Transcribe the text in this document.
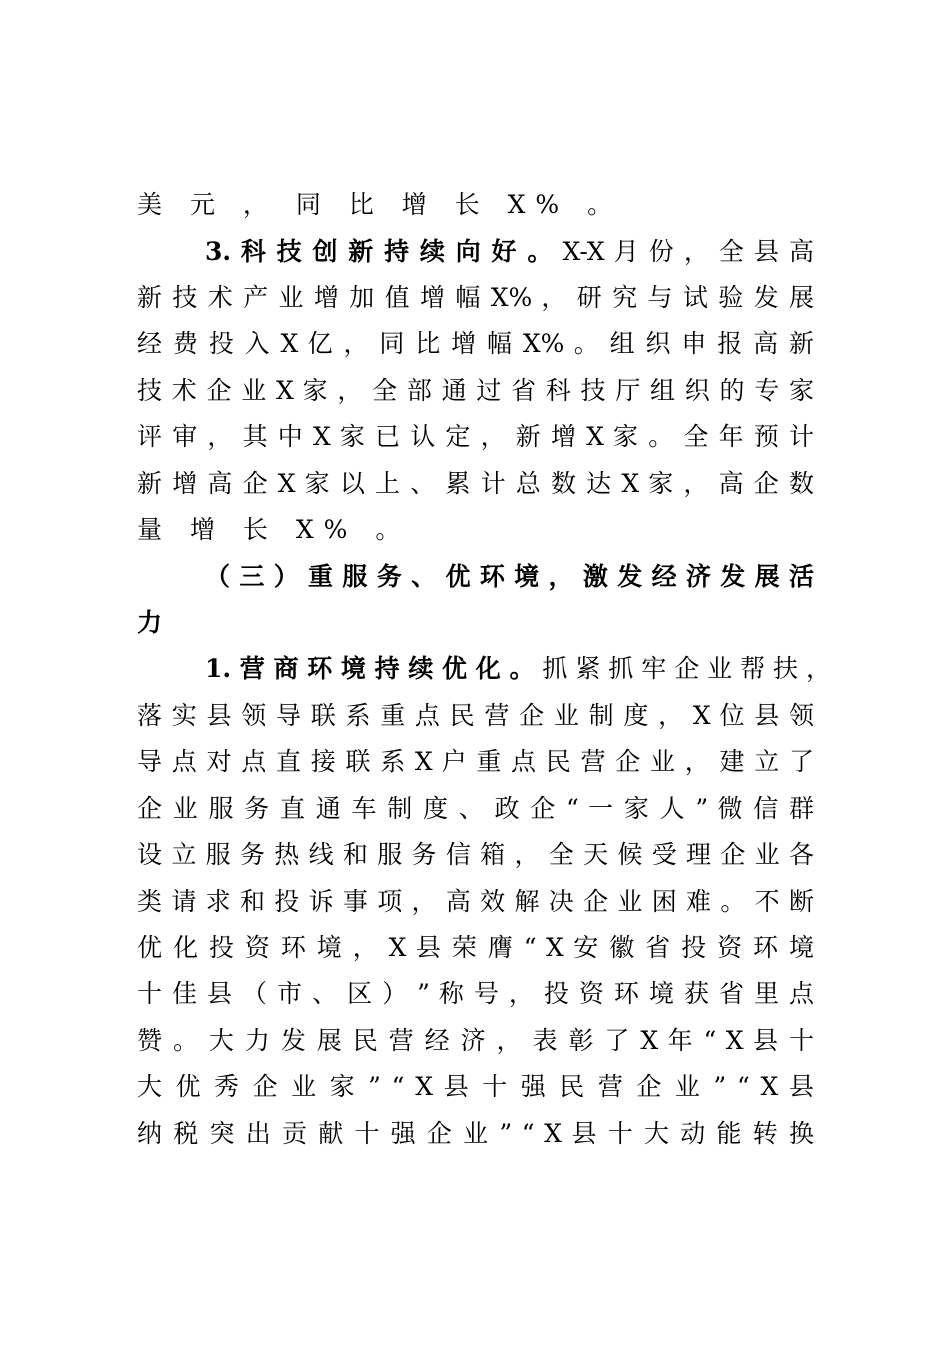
美 元 ， 同 比 增 长 X% 。
3. 科 技 创 新 持 续 向 好 。 X-X 月 份 ， 全 县 高
新 技 术 产 业 增 加 值 增 幅 X% ， 研 究 与 试 验 发 展
经 费 投 入 X 亿 ， 同 比 增 幅 X% 。 组 织 申 报 高 新
技 术 企 业 X 家 ， 全 部 通 过 省 科 技 厅 组 织 的 专 家
评 审 ， 其 中 X 家 已 认 定 ， 新 增 X 家 。 全 年 预 计
新 增 高 企 X 家 以 上 、 累 计 总 数 达 X 家 ， 高 企 数
量 增 长 X% 。
（ 三 ） 重 服 务 、 优 环 境 ， 激 发 经 济 发 展 活
力
1. 营 商 环 境 持 续 优 化 。 抓 紧 抓 牢 企 业 帮 扶 ，
落 实 县 领 导 联 系 重 点 民 营 企 业 制 度 ， X 位 县 领
导 点 对 点 直 接 联 系 X 户 重 点 民 营 企 业 ， 建 立 了
企 业 服 务 直 通 车 制 度 、 政 企 “ 一 家 人 ” 微 信 群
设 立 服 务 热 线 和 服 务 信 箱 ， 全 天 候 受 理 企 业 各
类 请 求 和 投 诉 事 项 ， 高 效 解 决 企 业 困 难 。 不 断
优 化 投 资 环 境 ， X 县 荣 膺 “ X 安 徽 省 投 资 环 境
十 佳 县 （ 市 、 区 ） ” 称 号 ， 投 资 环 境 获 省 里 点
赞 。 大 力 发 展 民 营 经 济 ， 表 彰 了 X 年 “ X 县 十
大 优 秀 企 业 家 ” “ X 县 十 强 民 营 企 业 ” “ X 县
纳 税 突 出 贡 献 十 强 企 业 ” “ X 县 十 大 动 能 转 换
